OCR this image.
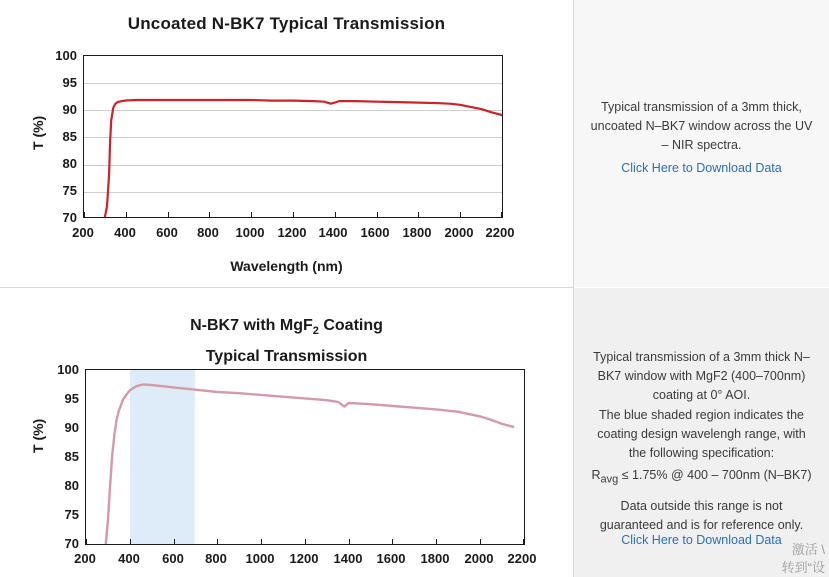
Uncoated N-BK7 Typical Transmission
T (%)
100
95
90
85
80
75
70
200	400	600	800	1000	1200 1400	1600	1800	2000 2200
Wavelength (nm)
N-BK7 with MgF$_2$ Coating
Typical Transmission
T (%)
100
95
90
85
80
75
70
200	400	600	800	1000	1200	1400	1600	1800	2000	2200
Typical transmission of a 3mm thick, uncoated N–BK7 window across the UV – NIR spectra.
Click Here to Download Data
Typical transmission of a 3mm thick N–BK7 window with MgF2 (400–700nm) coating at 0° AOI.
The blue shaded region indicates the coating design wavelengh range, with the following specification:
Ravg ≤ 1.75% @ 400 – 700nm (N–BK7)
Data outside this range is not guaranteed and is for reference only.
Click Here to Download Data
激活 \
转到“设
